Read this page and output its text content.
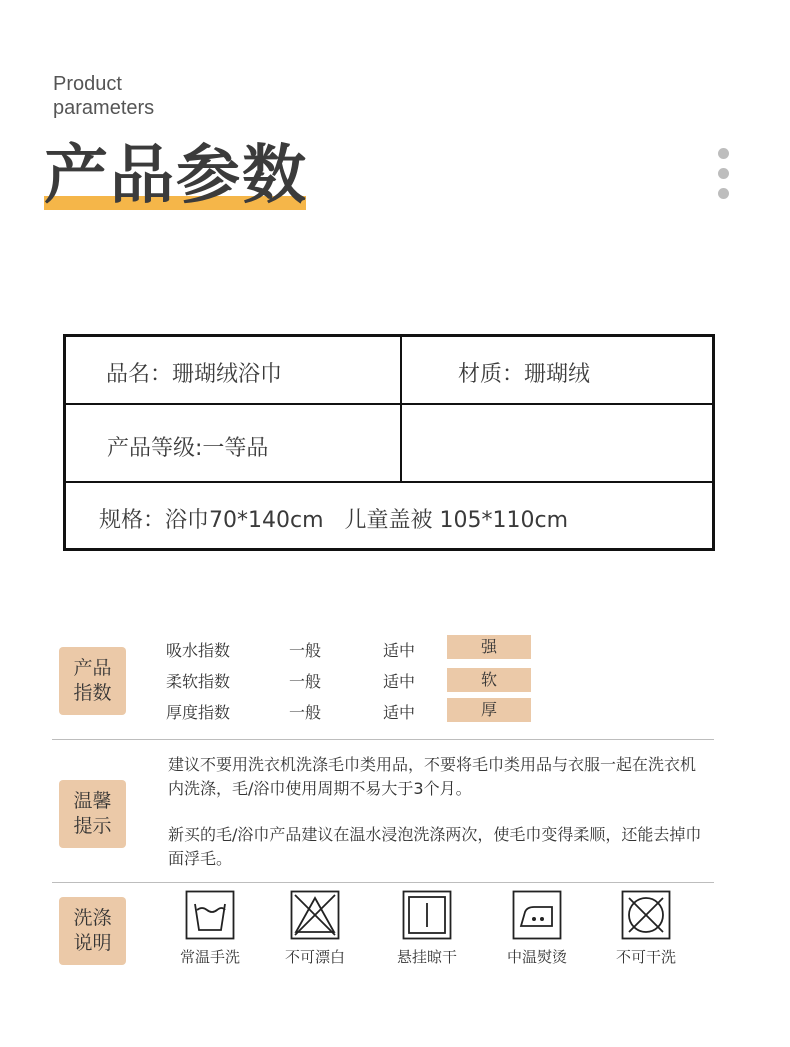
Product
parameters
产品参数
品名：珊瑚绒浴巾	材质：珊瑚绒
产品等级:一等品
规格：浴巾70*140cm   儿童盖被 105*110cm
产品
指数
吸水指数	一般	适中	强
柔软指数	一般	适中	软
厚度指数	一般	适中	厚
温馨
提示
建议不要用洗衣机洗涤毛巾类用品，不要将毛巾类用品与衣服一起在洗衣机内洗涤，毛/浴巾使用周期不易大于3个月。
新买的毛/浴巾产品建议在温水浸泡洗涤两次，使毛巾变得柔顺，还能去掉巾面浮毛。
洗涤
说明
常温手洗	不可漂白	悬挂晾干	中温熨烫	不可干洗
